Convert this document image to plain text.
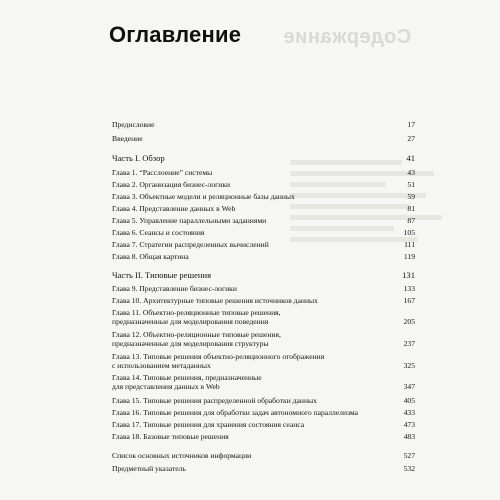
Содержание
Оглавление
Предисловие	17
Введение	27
Часть I. Обзор	41
Глава 1. “Расслоение” системы	43
Глава 2. Организация бизнес-логики	51
Глава 3. Объектные модели и реляционные базы данных	59
Глава 4. Представление данных в Web	81
Глава 5. Управление параллельными заданиями	87
Глава 6. Сеансы и состояния	105
Глава 7. Стратегии распределенных вычислений	111
Глава 8. Общая картина	119
Часть II. Типовые решения	131
Глава 9. Представление бизнес-логики	133
Глава 10. Архитектурные типовые решения источников данных	167
Глава 11. Объектно-реляционные типовые решения,
предназначенные для моделирования поведения	205
Глава 12. Объектно-реляционные типовые решения,
предназначенные для моделирования структуры	237
Глава 13. Типовые решения объектно-реляционного отображения
с использованием метаданных	325
Глава 14. Типовые решения, предназначенные
для представления данных в Web	347
Глава 15. Типовые решения распределенной обработки данных	405
Глава 16. Типовые решения для обработки задач автономного параллелизма	433
Глава 17. Типовые решения для хранения состояния сеанса	473
Глава 18. Базовые типовые решения	483
Список основных источников информации	527
Предметный указатель	532
